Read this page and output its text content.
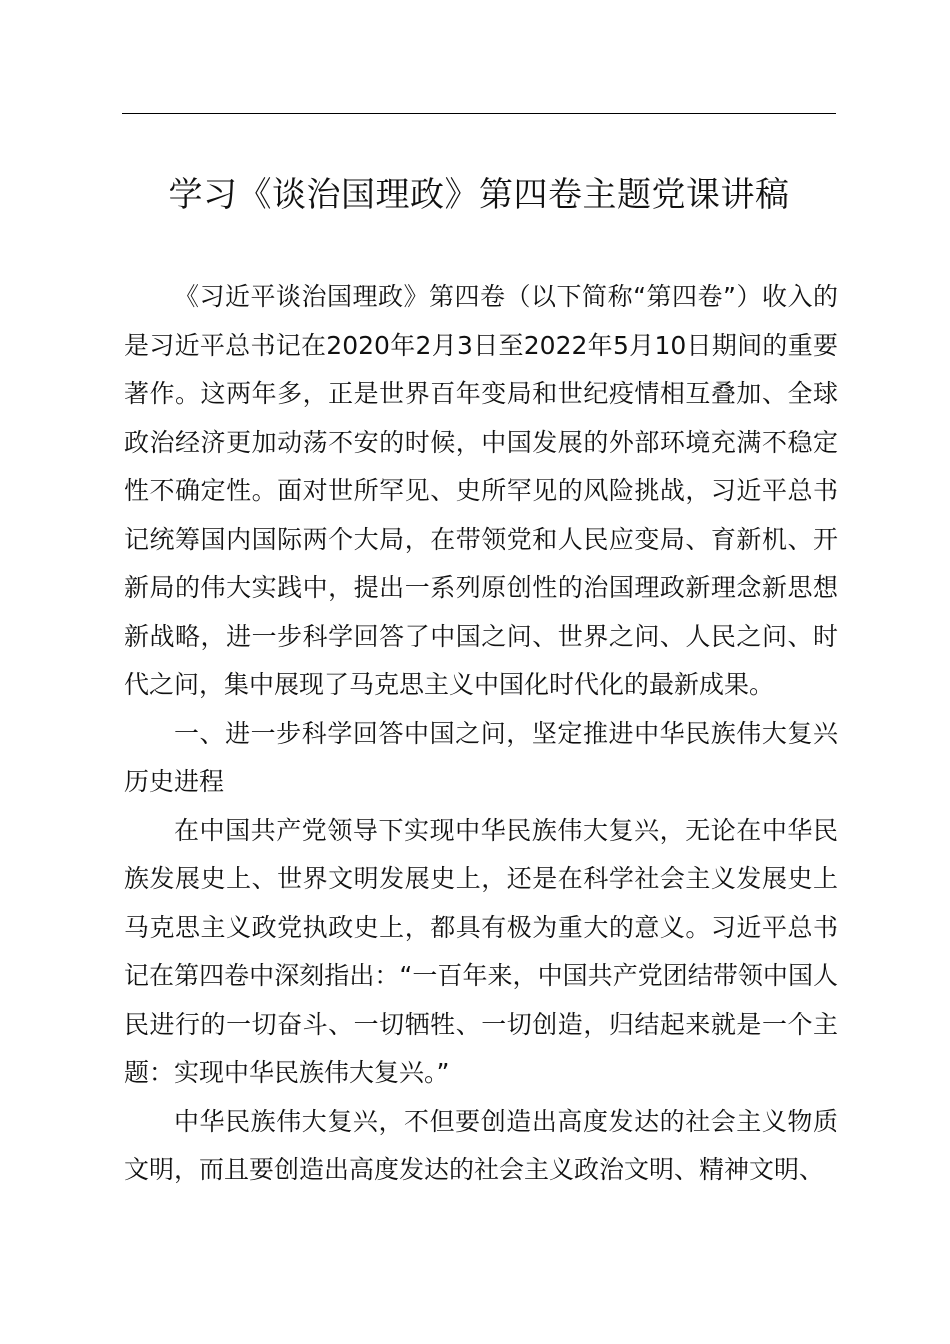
学习《谈治国理政》第四卷主题党课讲稿

《习近平谈治国理政》第四卷（以下简称“第四卷”）收入的是习近平总书记在2020年2月3日至2022年5月10日期间的重要著作。这两年多，正是世界百年变局和世纪疫情相互叠加、全球政治经济更加动荡不安的时候，中国发展的外部环境充满不稳定性不确定性。面对世所罕见、史所罕见的风险挑战，习近平总书记统筹国内国际两个大局，在带领党和人民应变局、育新机、开新局的伟大实践中，提出一系列原创性的治国理政新理念新思想新战略，进一步科学回答了中国之问、世界之问、人民之问、时代之问，集中展现了马克思主义中国化时代化的最新成果。

一、进一步科学回答中国之问，坚定推进中华民族伟大复兴历史进程

在中国共产党领导下实现中华民族伟大复兴，无论在中华民族发展史上、世界文明发展史上，还是在科学社会主义发展史上马克思主义政党执政史上，都具有极为重大的意义。习近平总书记在第四卷中深刻指出：“一百年来，中国共产党团结带领中国人民进行的一切奋斗、一切牺牲、一切创造，归结起来就是一个主题：实现中华民族伟大复兴。”

中华民族伟大复兴，不但要创造出高度发达的社会主义物质文明，而且要创造出高度发达的社会主义政治文明、精神文明、
